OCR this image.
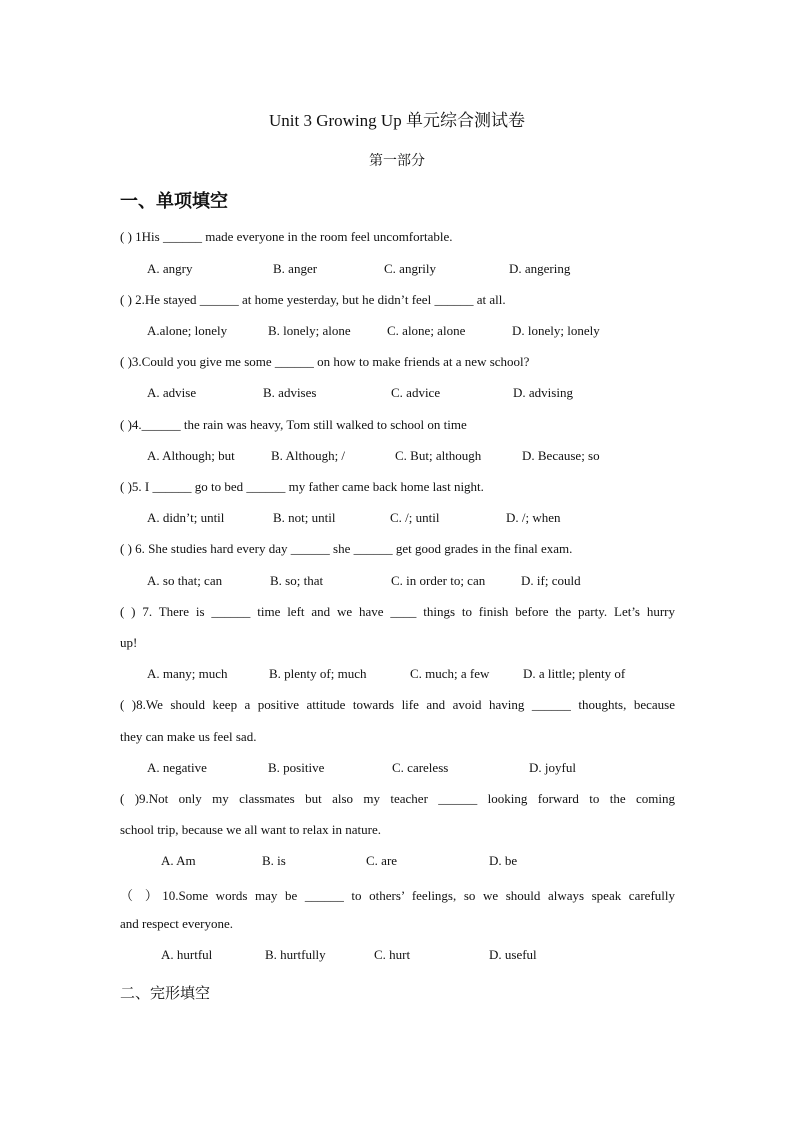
Unit 3 Growing Up 单元综合测试卷
第一部分
一、单项填空
( ) 1His ______ made everyone in the room feel uncomfortable.
A. angry	B. anger	C. angrily	D. angering
( ) 2.He stayed ______ at home yesterday, but he didn’t feel ______ at all.
A.alone; lonely	B. lonely; alone	C. alone; alone	D. lonely; lonely
( )3.Could you give me some ______ on how to make friends at a new school?
A. advise	B. advises	C. advice	D. advising
( )4.______ the rain was heavy, Tom still walked to school on time
A. Although; but	B. Although; /	C. But; although	D. Because; so
( )5. I ______ go to bed ______ my father came back home last night.
A. didn’t; until	B. not; until	C. /; until	D. /; when
( ) 6. She studies hard every day ______ she ______ get good grades in the final exam.
A. so that; can	B. so; that	C. in order to; can	D. if; could
( ) 7. There is ______ time left and we have ____ things to finish before the party. Let’s hurry
up!
A. many; much	B. plenty of; much	C. much; a few	D. a little; plenty of
( )8.We should keep a positive attitude towards life and avoid having ______ thoughts, because
they can make us feel sad.
A. negative	B. positive	C. careless	D. joyful
( )9.Not only my classmates but also my teacher ______ looking forward to the coming
school trip, because we all want to relax in nature.
A. Am	B. is	C. are	D. be
（ ）10.Some words may be ______ to others’ feelings, so we should always speak carefully
and respect everyone.
A. hurtful	B. hurtfully	C. hurt	D. useful
二、完形填空
